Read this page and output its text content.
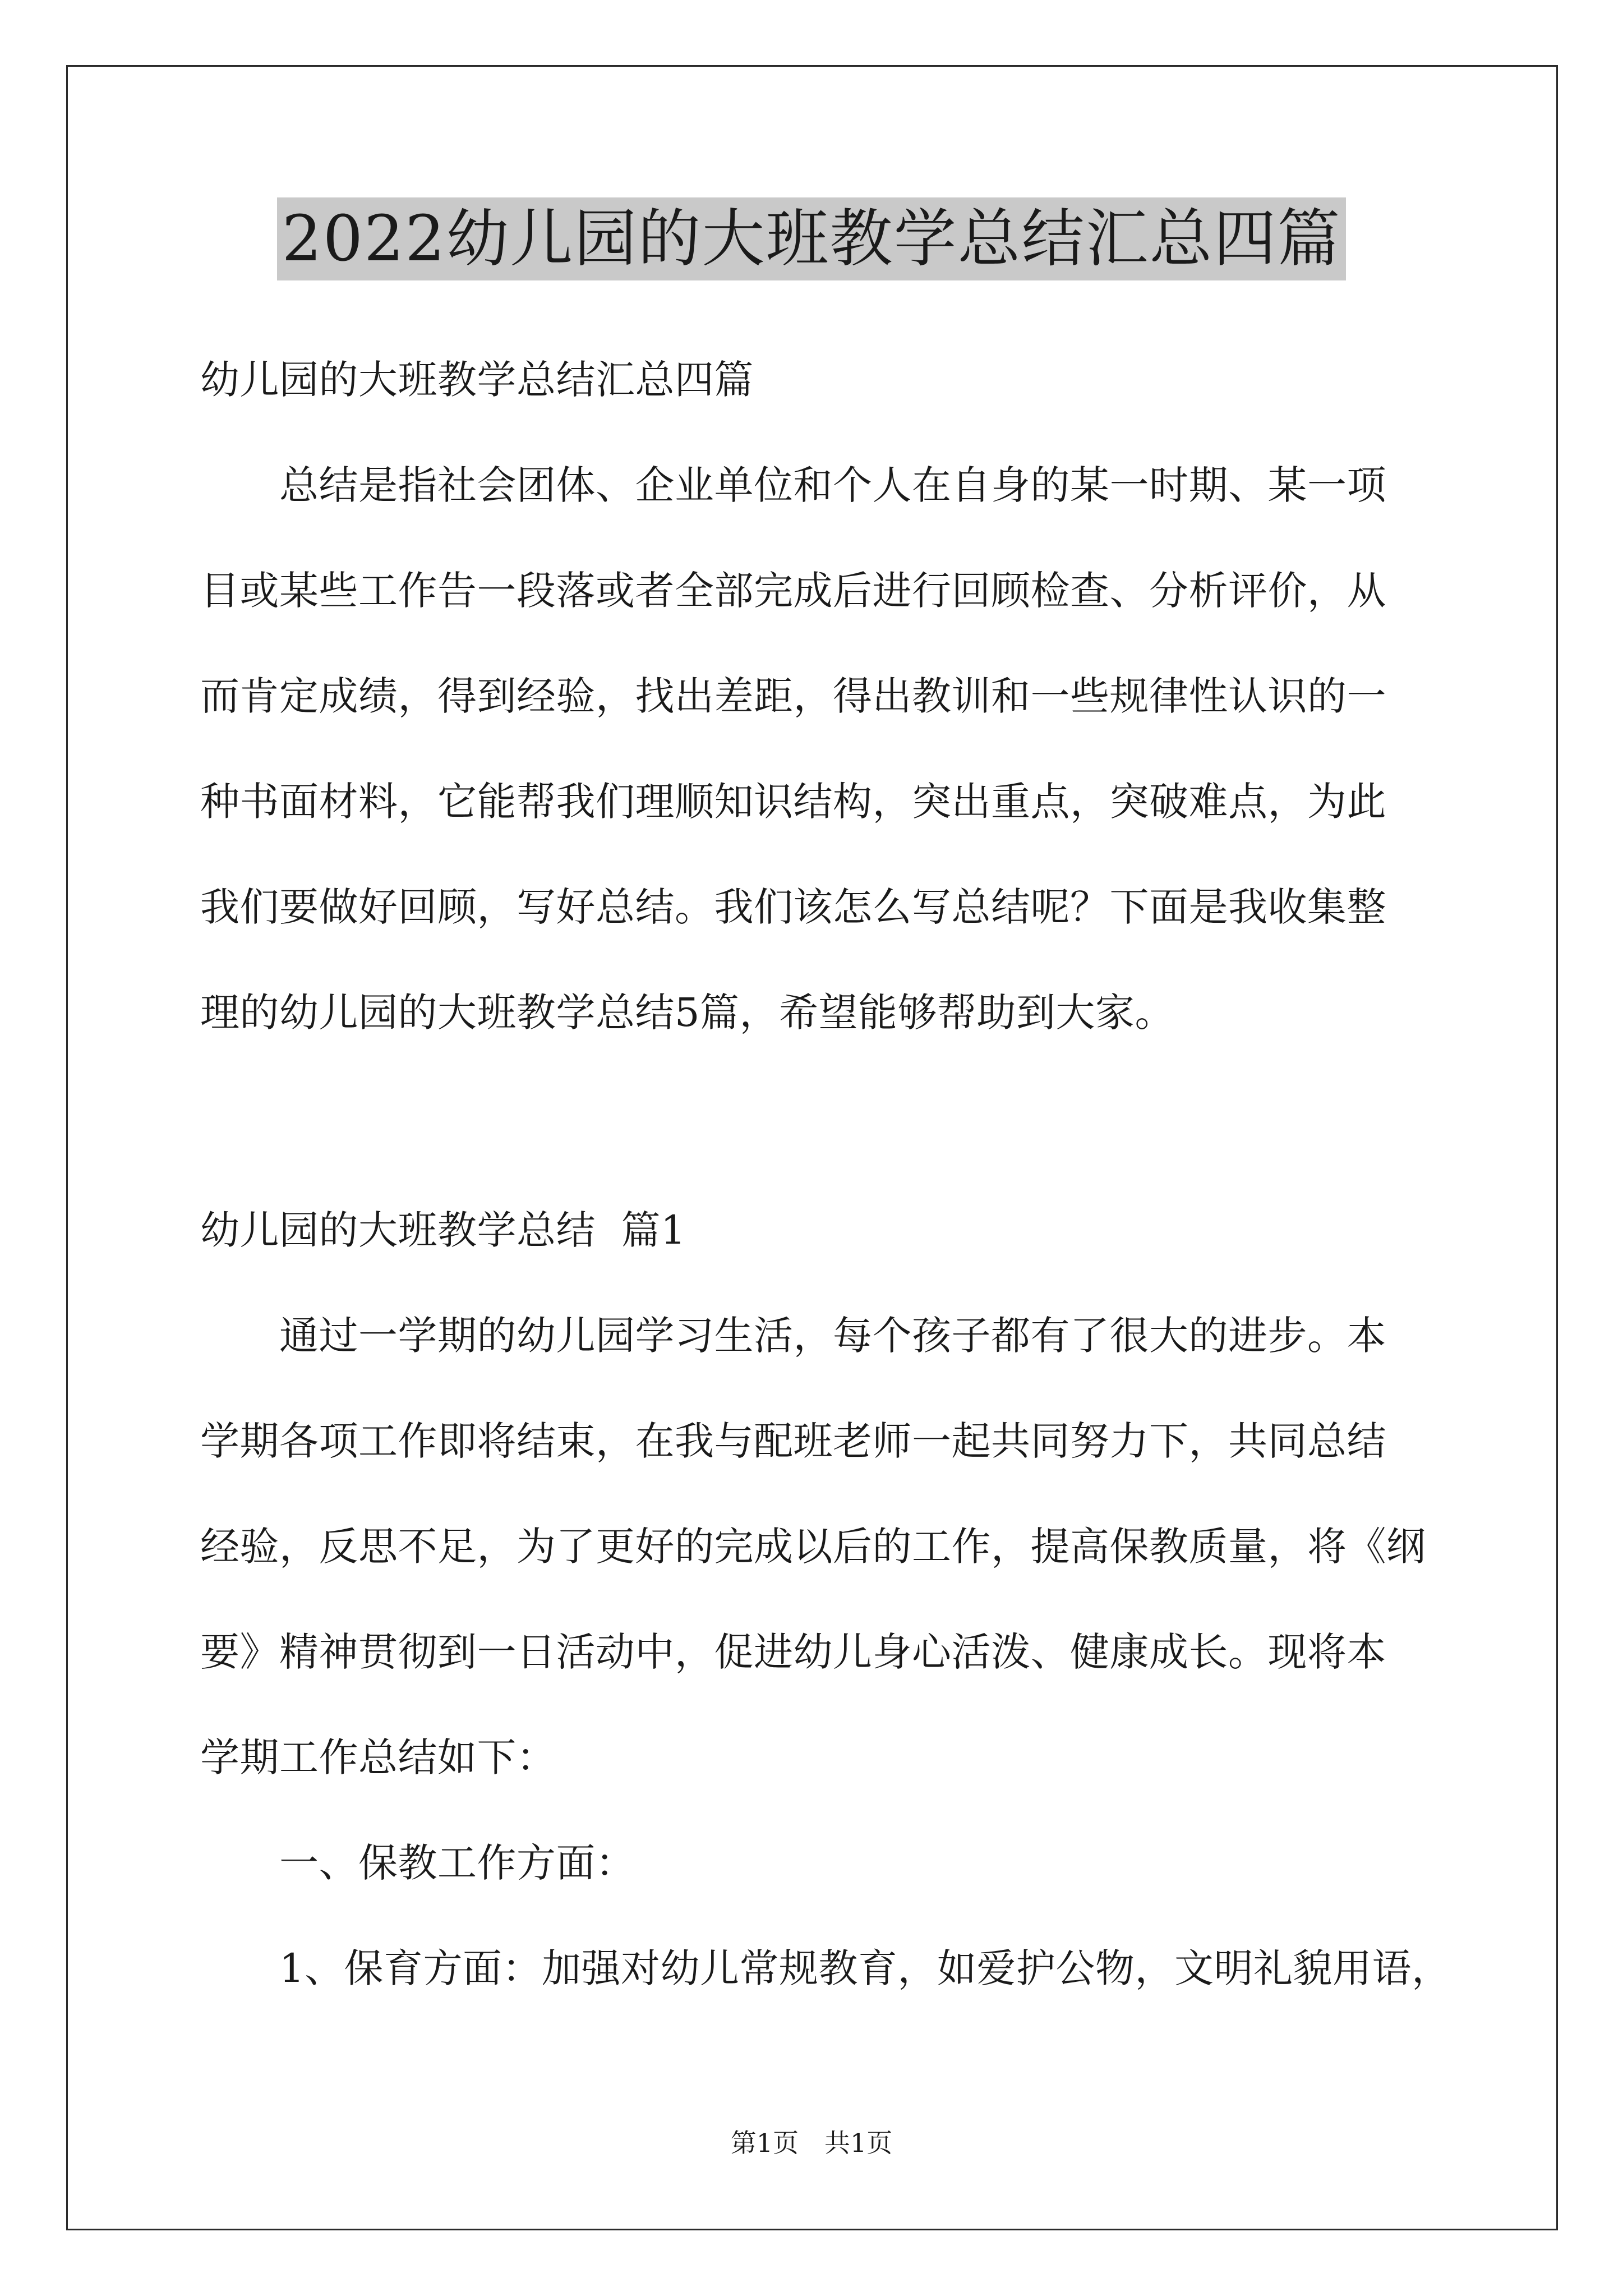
2022幼儿园的大班教学总结汇总四篇
幼儿园的大班教学总结汇总四篇
　　总结是指社会团体、企业单位和个人在自身的某一时期、某一项
目或某些工作告一段落或者全部完成后进行回顾检查、分析评价，从
而肯定成绩，得到经验，找出差距，得出教训和一些规律性认识的一
种书面材料，它能帮我们理顺知识结构，突出重点，突破难点，为此
我们要做好回顾，写好总结。我们该怎么写总结呢？下面是我收集整
理的幼儿园的大班教学总结5篇，希望能够帮助到大家。
幼儿园的大班教学总结  篇1
　　通过一学期的幼儿园学习生活，每个孩子都有了很大的进步。本
学期各项工作即将结束，在我与配班老师一起共同努力下，共同总结
经验，反思不足，为了更好的完成以后的工作，提高保教质量，将《纲
要》精神贯彻到一日活动中，促进幼儿身心活泼、健康成长。现将本
学期工作总结如下：
　　一、保教工作方面：
　　1、保育方面：加强对幼儿常规教育，如爱护公物，文明礼貌用语，
第1页　共1页
